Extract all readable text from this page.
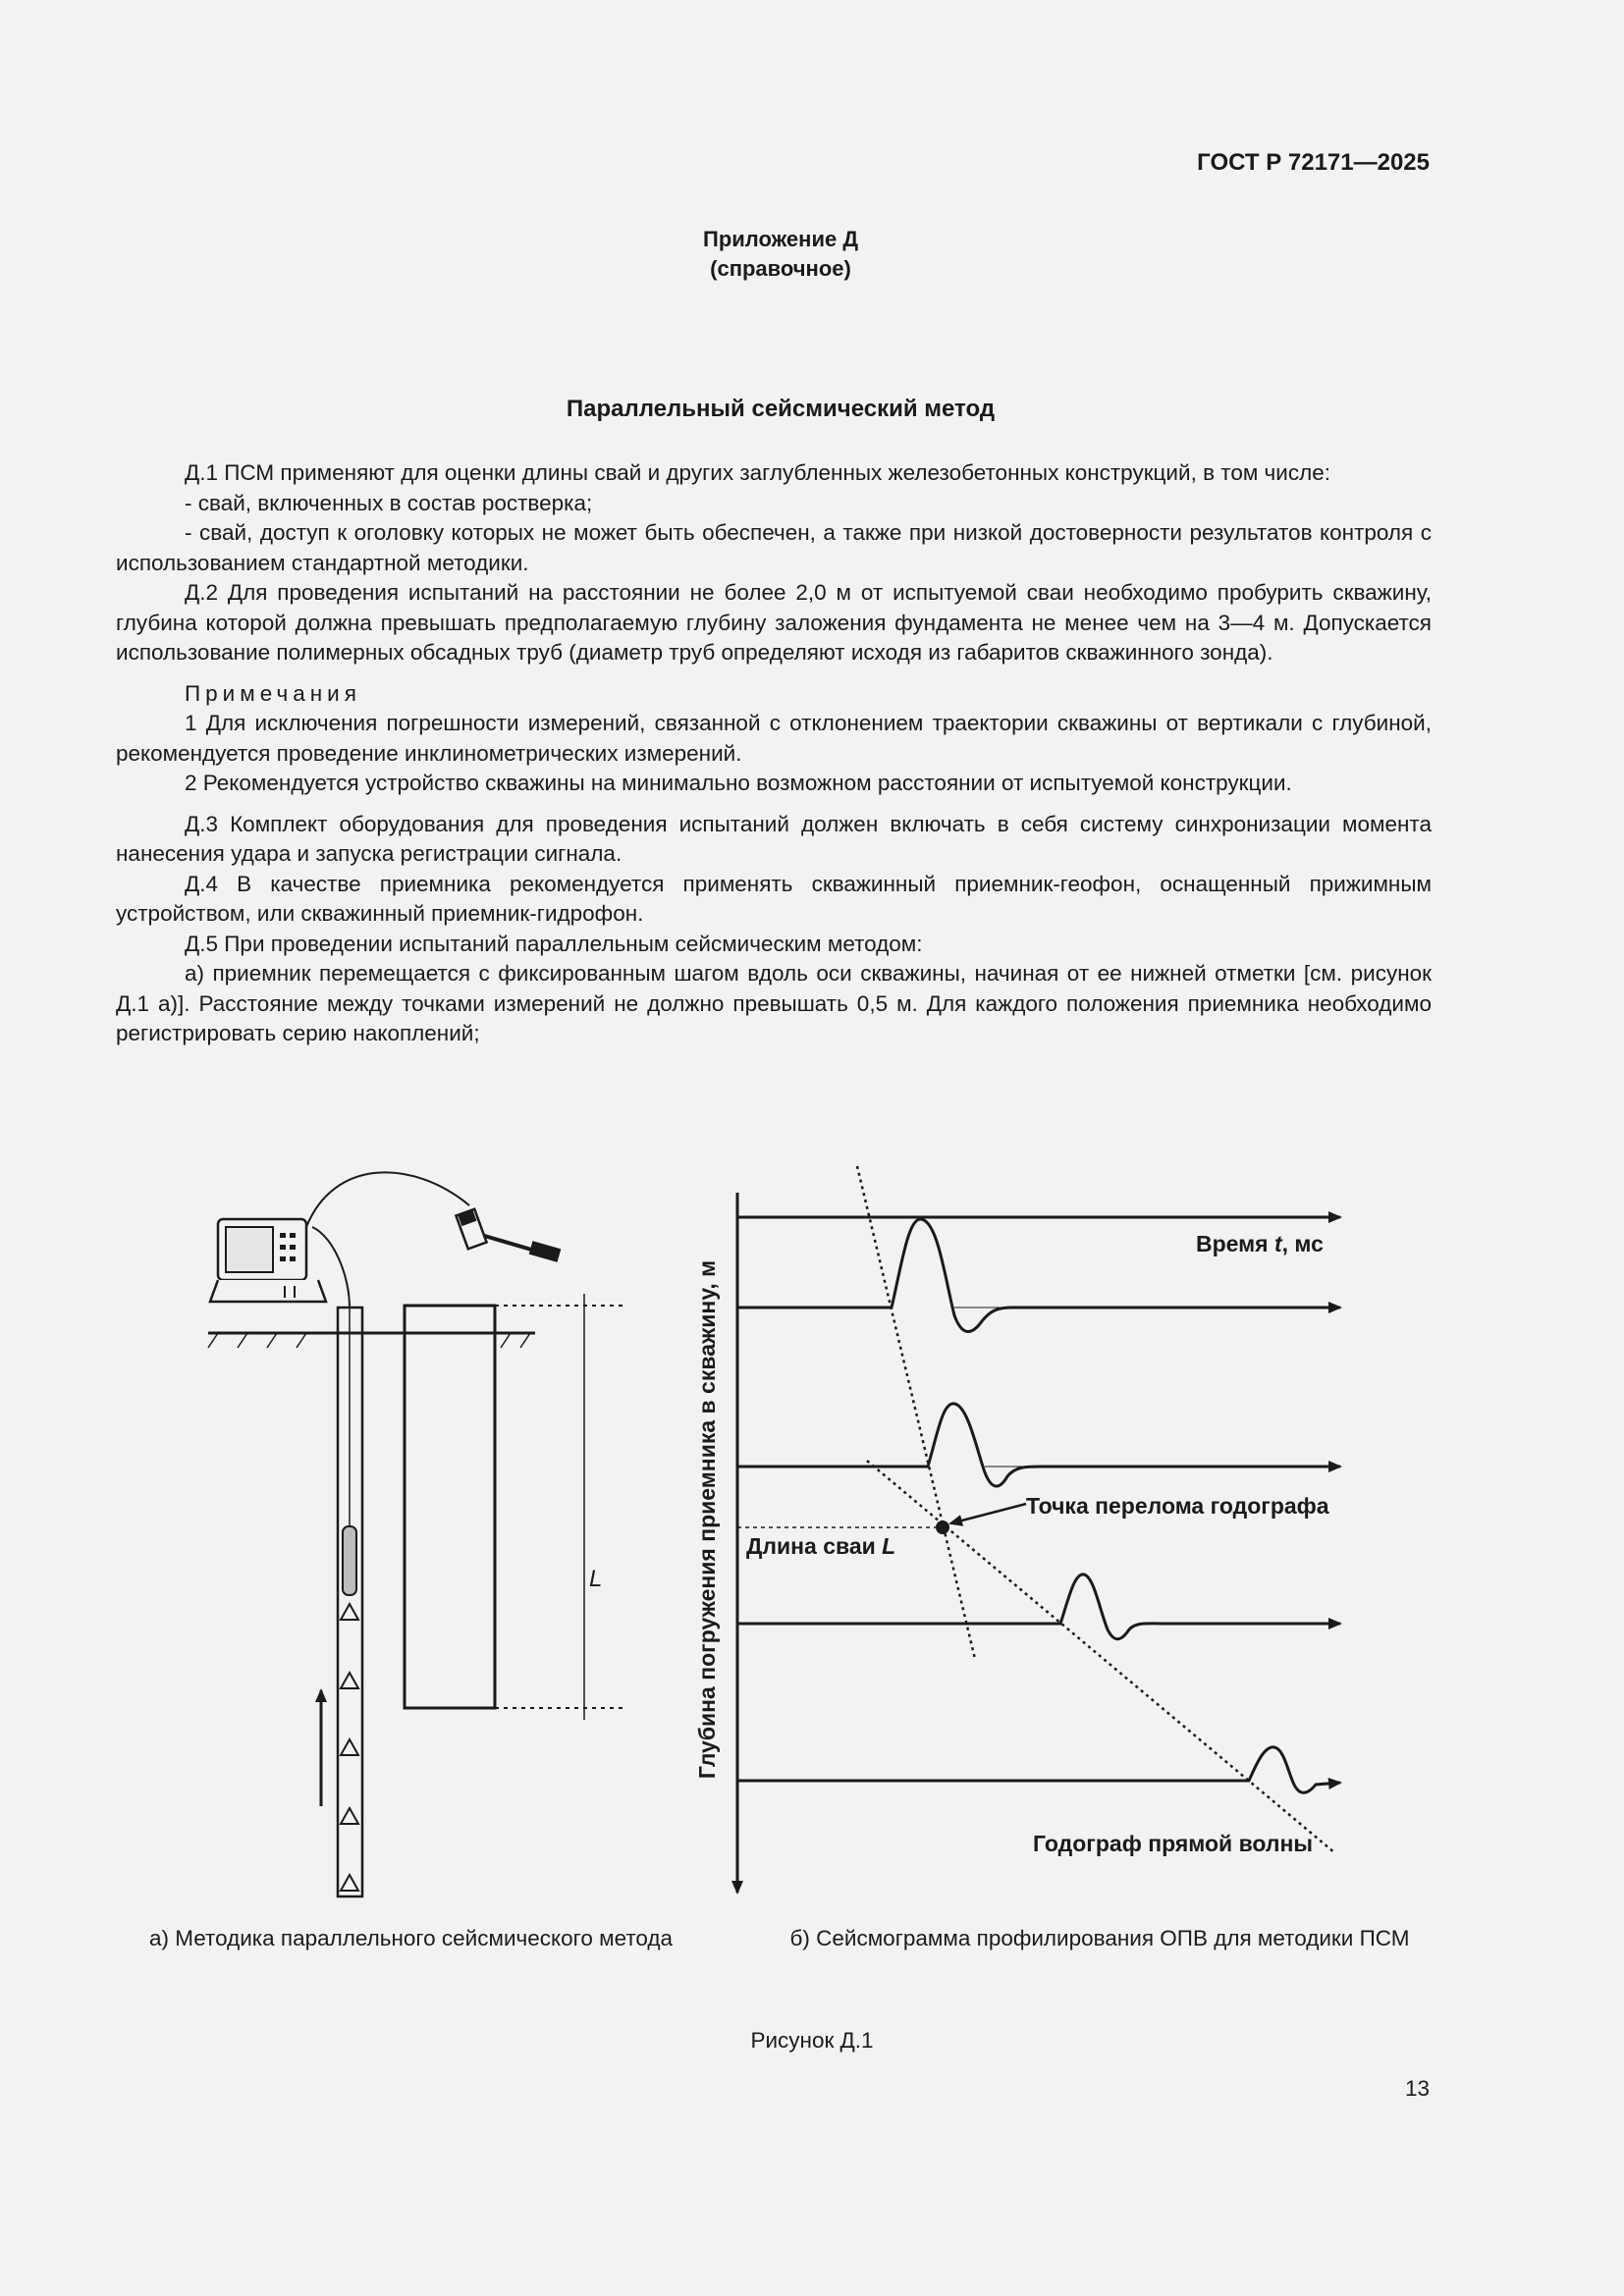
ГОСТ Р 72171—2025
Приложение Д
(справочное)
Параллельный сейсмический метод

Д.1 ПСМ применяют для оценки длины свай и других заглубленных железобетонных конструкций, в том числе:

- свай, включенных в состав ростверка;

- свай, доступ к оголовку которых не может быть обеспечен, а также при низкой достоверности результатов контроля с использованием стандартной методики.

Д.2 Для проведения испытаний на расстоянии не более 2,0 м от испытуемой сваи необходимо пробурить скважину, глубина которой должна превышать предполагаемую глубину заложения фундамента не менее чем на 3—4 м. Допускается использование полимерных обсадных труб (диаметр труб определяют исходя из габаритов скважинного зонда).

Примечания

1 Для исключения погрешности измерений, связанной с отклонением траектории скважины от вертикали с глубиной, рекомендуется проведение инклинометрических измерений.

2 Рекомендуется устройство скважины на минимально возможном расстоянии от испытуемой конструкции.

Д.3 Комплект оборудования для проведения испытаний должен включать в себя систему синхронизации момента нанесения удара и запуска регистрации сигнала.

Д.4 В качестве приемника рекомендуется применять скважинный приемник-геофон, оснащенный прижимным устройством, или скважинный приемник-гидрофон.

Д.5 При проведении испытаний параллельным сейсмическим методом:

а) приемник перемещается с фиксированным шагом вдоль оси скважины, начиная от ее нижней отметки [см. рисунок Д.1 а)]. Расстояние между точками измерений не должно превышать 0,5 м. Для каждого положения приемника необходимо регистрировать серию накоплений;

L
Время t, мс
Глубина погружения приемника в скважину, м	Точка перелома годографа
Длина сваи L
Годограф прямой волны
а) Методика параллельного сейсмического метода	б) Сейсмограмма профилирования ОПВ для методики ПСМ
Рисунок Д.1
13
